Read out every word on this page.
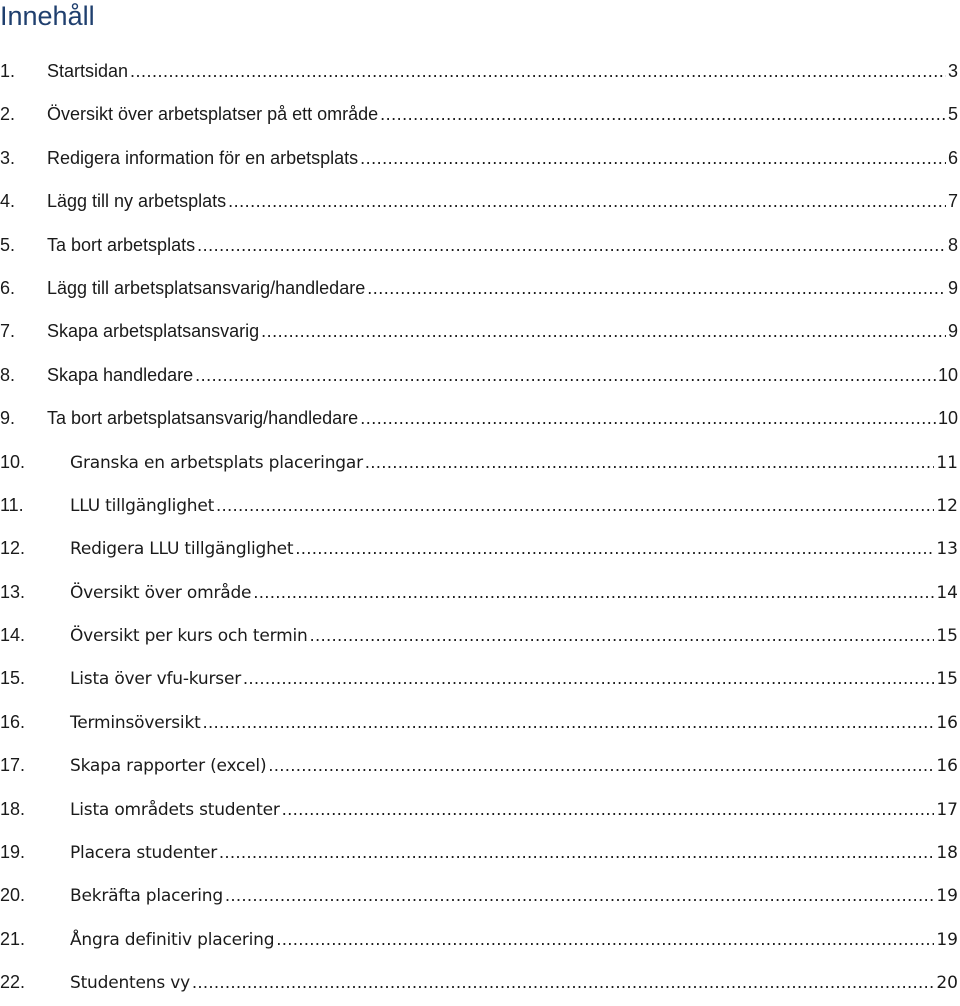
Innehåll
1.	Startsidan .....	3
2.	Översikt över arbetsplatser på ett område .....	5
3.	Redigera information för en arbetsplats .....	6
4.	Lägg till ny arbetsplats .....	7
5.	Ta bort arbetsplats .....	8
6.	Lägg till arbetsplatsansvarig/handledare .....	9
7.	Skapa arbetsplatsansvarig .....	9
8.	Skapa handledare .....	10
9.	Ta bort arbetsplatsansvarig/handledare .....	10
10.	Granska en arbetsplats placeringar .....	11
11.	LLU tillgänglighet .....	12
12.	Redigera LLU tillgänglighet .....	13
13.	Översikt över område .....	14
14.	Översikt per kurs och termin .....	15
15.	Lista över vfu-kurser .....	15
16.	Terminsöversikt .....	16
17.	Skapa rapporter (excel) .....	16
18.	Lista områdets studenter .....	17
19.	Placera studenter .....	18
20.	Bekräfta placering .....	19
21.	Ångra definitiv placering .....	19
22.	Studentens vy .....	20
